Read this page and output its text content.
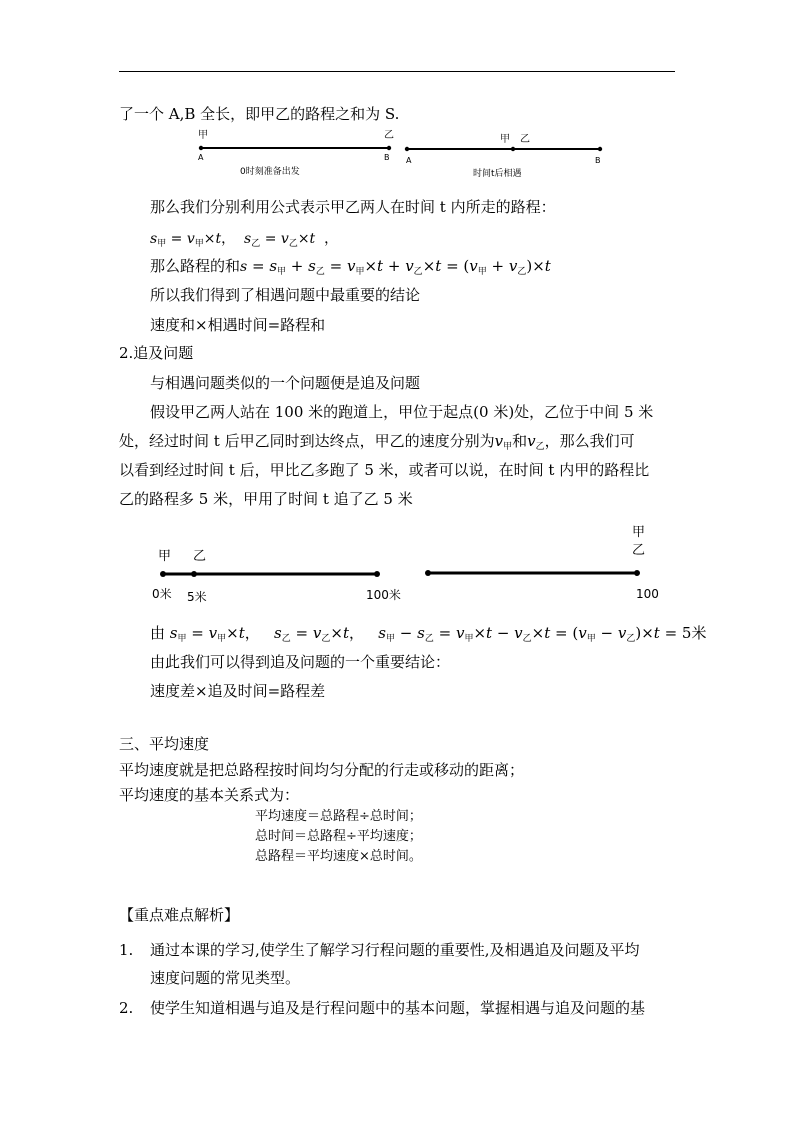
了一个 A,B 全长，即甲乙的路程之和为 S.
甲	乙
A	B
0时刻准备出发
甲 乙
A	B
时间t后相遇
那么我们分别利用公式表示甲乙两人在时间 t 内所走的路程：
$s_甲 = v_甲\times t$， $s_乙 = v_乙\times t$ ，
那么路程的和$s = s_甲 + s_乙 = v_甲\times t + v_乙\times t = (v_甲 + v_乙)\times t$
所以我们得到了相遇问题中最重要的结论
速度和×相遇时间=路程和
2.追及问题
与相遇问题类似的一个问题便是追及问题
假设甲乙两人站在 100 米的跑道上，甲位于起点(0 米)处，乙位于中间 5 米
处，经过时间 t 后甲乙同时到达终点，甲乙的速度分别为$v_甲$和$v_乙$，那么我们可
以看到经过时间 t 后，甲比乙多跑了 5 米，或者可以说，在时间 t 内甲的路程比
乙的路程多 5 米，甲用了时间 t 追了乙 5 米
甲 乙
0米 5米	100米
甲
乙
100
由 $s_甲 = v_甲\times t$，   $s_乙 = v_乙\times t$，   $s_甲 - s_乙 = v_甲\times t - v_乙\times t = (v_甲 - v_乙)\times t = 5$米
由此我们可以得到追及问题的一个重要结论：
速度差×追及时间=路程差
三、平均速度
平均速度就是把总路程按时间均匀分配的行走或移动的距离；
平均速度的基本关系式为：
平均速度＝总路程÷总时间；
总时间＝总路程÷平均速度；
总路程＝平均速度×总时间。
【重点难点解析】
1. 通过本课的学习,使学生了解学习行程问题的重要性,及相遇追及问题及平均
速度问题的常见类型。
2. 使学生知道相遇与追及是行程问题中的基本问题，掌握相遇与追及问题的基
